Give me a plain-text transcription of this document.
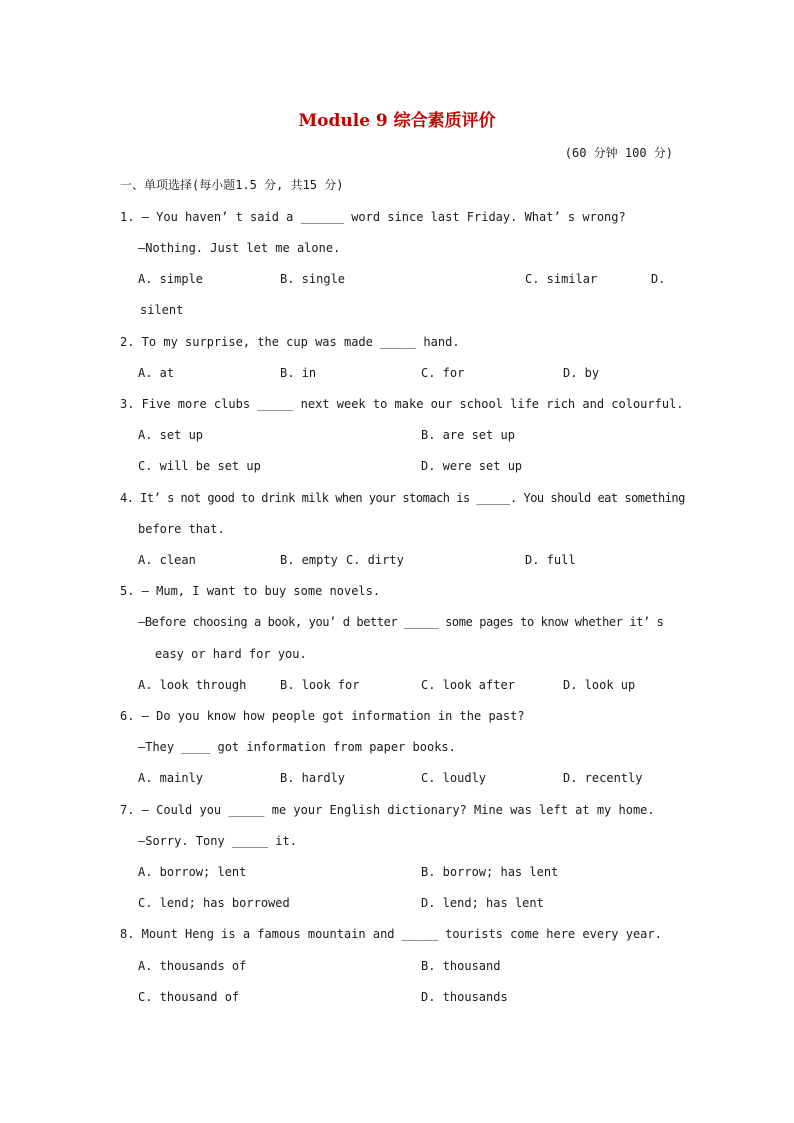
Module 9 综合素质评价
(60 分钟 100 分)
一、单项选择(每小题1.5 分, 共15 分)
1. — You haven’ t said a ______ word since last Friday. What’ s wrong?
—Nothing. Just let me alone.
A. simple	B. single	C. similar	D.
silent
2. To my surprise, the cup was made _____ hand.
A. at	B. in	C. for	D. by
3. Five more clubs _____ next week to make our school life rich and colourful.
A. set up	B. are set up
C. will be set up	D. were set up
4. It’ s not good to drink milk when your stomach is _____. You should eat something
before that.
A. clean	B. empty C. dirty	D. full
5. — Mum, I want to buy some novels.
—Before choosing a book, you’ d better _____ some pages to know whether it’ s
easy or hard for you.
A. look through	B. look for	C. look after	D. look up
6. — Do you know how people got information in the past?
—They ____ got information from paper books.
A. mainly	B. hardly	C. loudly	D. recently
7. — Could you _____ me your English dictionary? Mine was left at my home.
—Sorry. Tony _____ it.
A. borrow; lent	B. borrow; has lent
C. lend; has borrowed	D. lend; has lent
8. Mount Heng is a famous mountain and _____ tourists come here every year.
A. thousands of	B. thousand
C. thousand of	D. thousands
